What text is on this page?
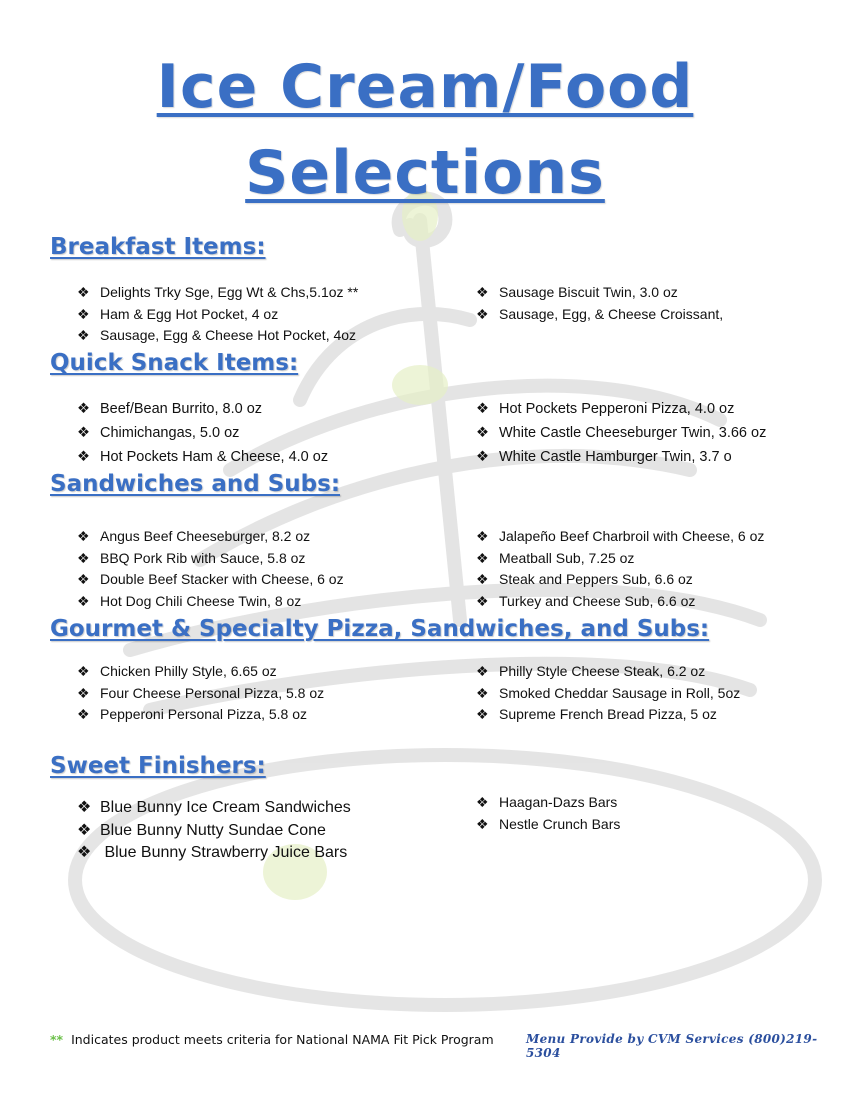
Ice Cream/Food
Selections
Breakfast Items:
❖ Delights Trky Sge, Egg Wt & Chs,5.1oz **
❖ Ham & Egg Hot Pocket, 4 oz
❖ Sausage, Egg & Cheese Hot Pocket, 4oz
❖ Sausage Biscuit Twin, 3.0 oz
❖ Sausage, Egg, & Cheese Croissant,
Quick Snack Items:
❖ Beef/Bean Burrito, 8.0 oz
❖ Chimichangas, 5.0 oz
❖ Hot Pockets Ham & Cheese, 4.0 oz
❖ Hot Pockets Pepperoni Pizza, 4.0 oz
❖ White Castle Cheeseburger Twin, 3.66 oz
❖ White Castle Hamburger Twin, 3.7 o
Sandwiches and Subs:
❖ Angus Beef Cheeseburger, 8.2 oz
❖ BBQ Pork Rib with Sauce, 5.8 oz
❖ Double Beef Stacker with Cheese, 6 oz
❖ Hot Dog Chili Cheese Twin, 8 oz
❖ Jalapeño Beef Charbroil with Cheese, 6 oz
❖ Meatball Sub, 7.25 oz
❖ Steak and Peppers Sub, 6.6 oz
❖ Turkey and Cheese Sub, 6.6 oz
Gourmet & Specialty Pizza, Sandwiches, and Subs:
❖ Chicken Philly Style, 6.65 oz
❖ Four Cheese Personal Pizza, 5.8 oz
❖ Pepperoni Personal Pizza, 5.8 oz
❖ Philly Style Cheese Steak, 6.2 oz
❖ Smoked Cheddar Sausage in Roll, 5oz
❖ Supreme French Bread Pizza, 5 oz
Sweet Finishers:
❖ Blue Bunny Ice Cream Sandwiches
❖ Blue Bunny Nutty Sundae Cone
❖ Blue Bunny Strawberry Juice Bars
❖ Haagan-Dazs Bars
❖ Nestle Crunch Bars
** Indicates product meets criteria for National NAMA Fit Pick Program	Menu Provide by CVM Services (800)219-5304
